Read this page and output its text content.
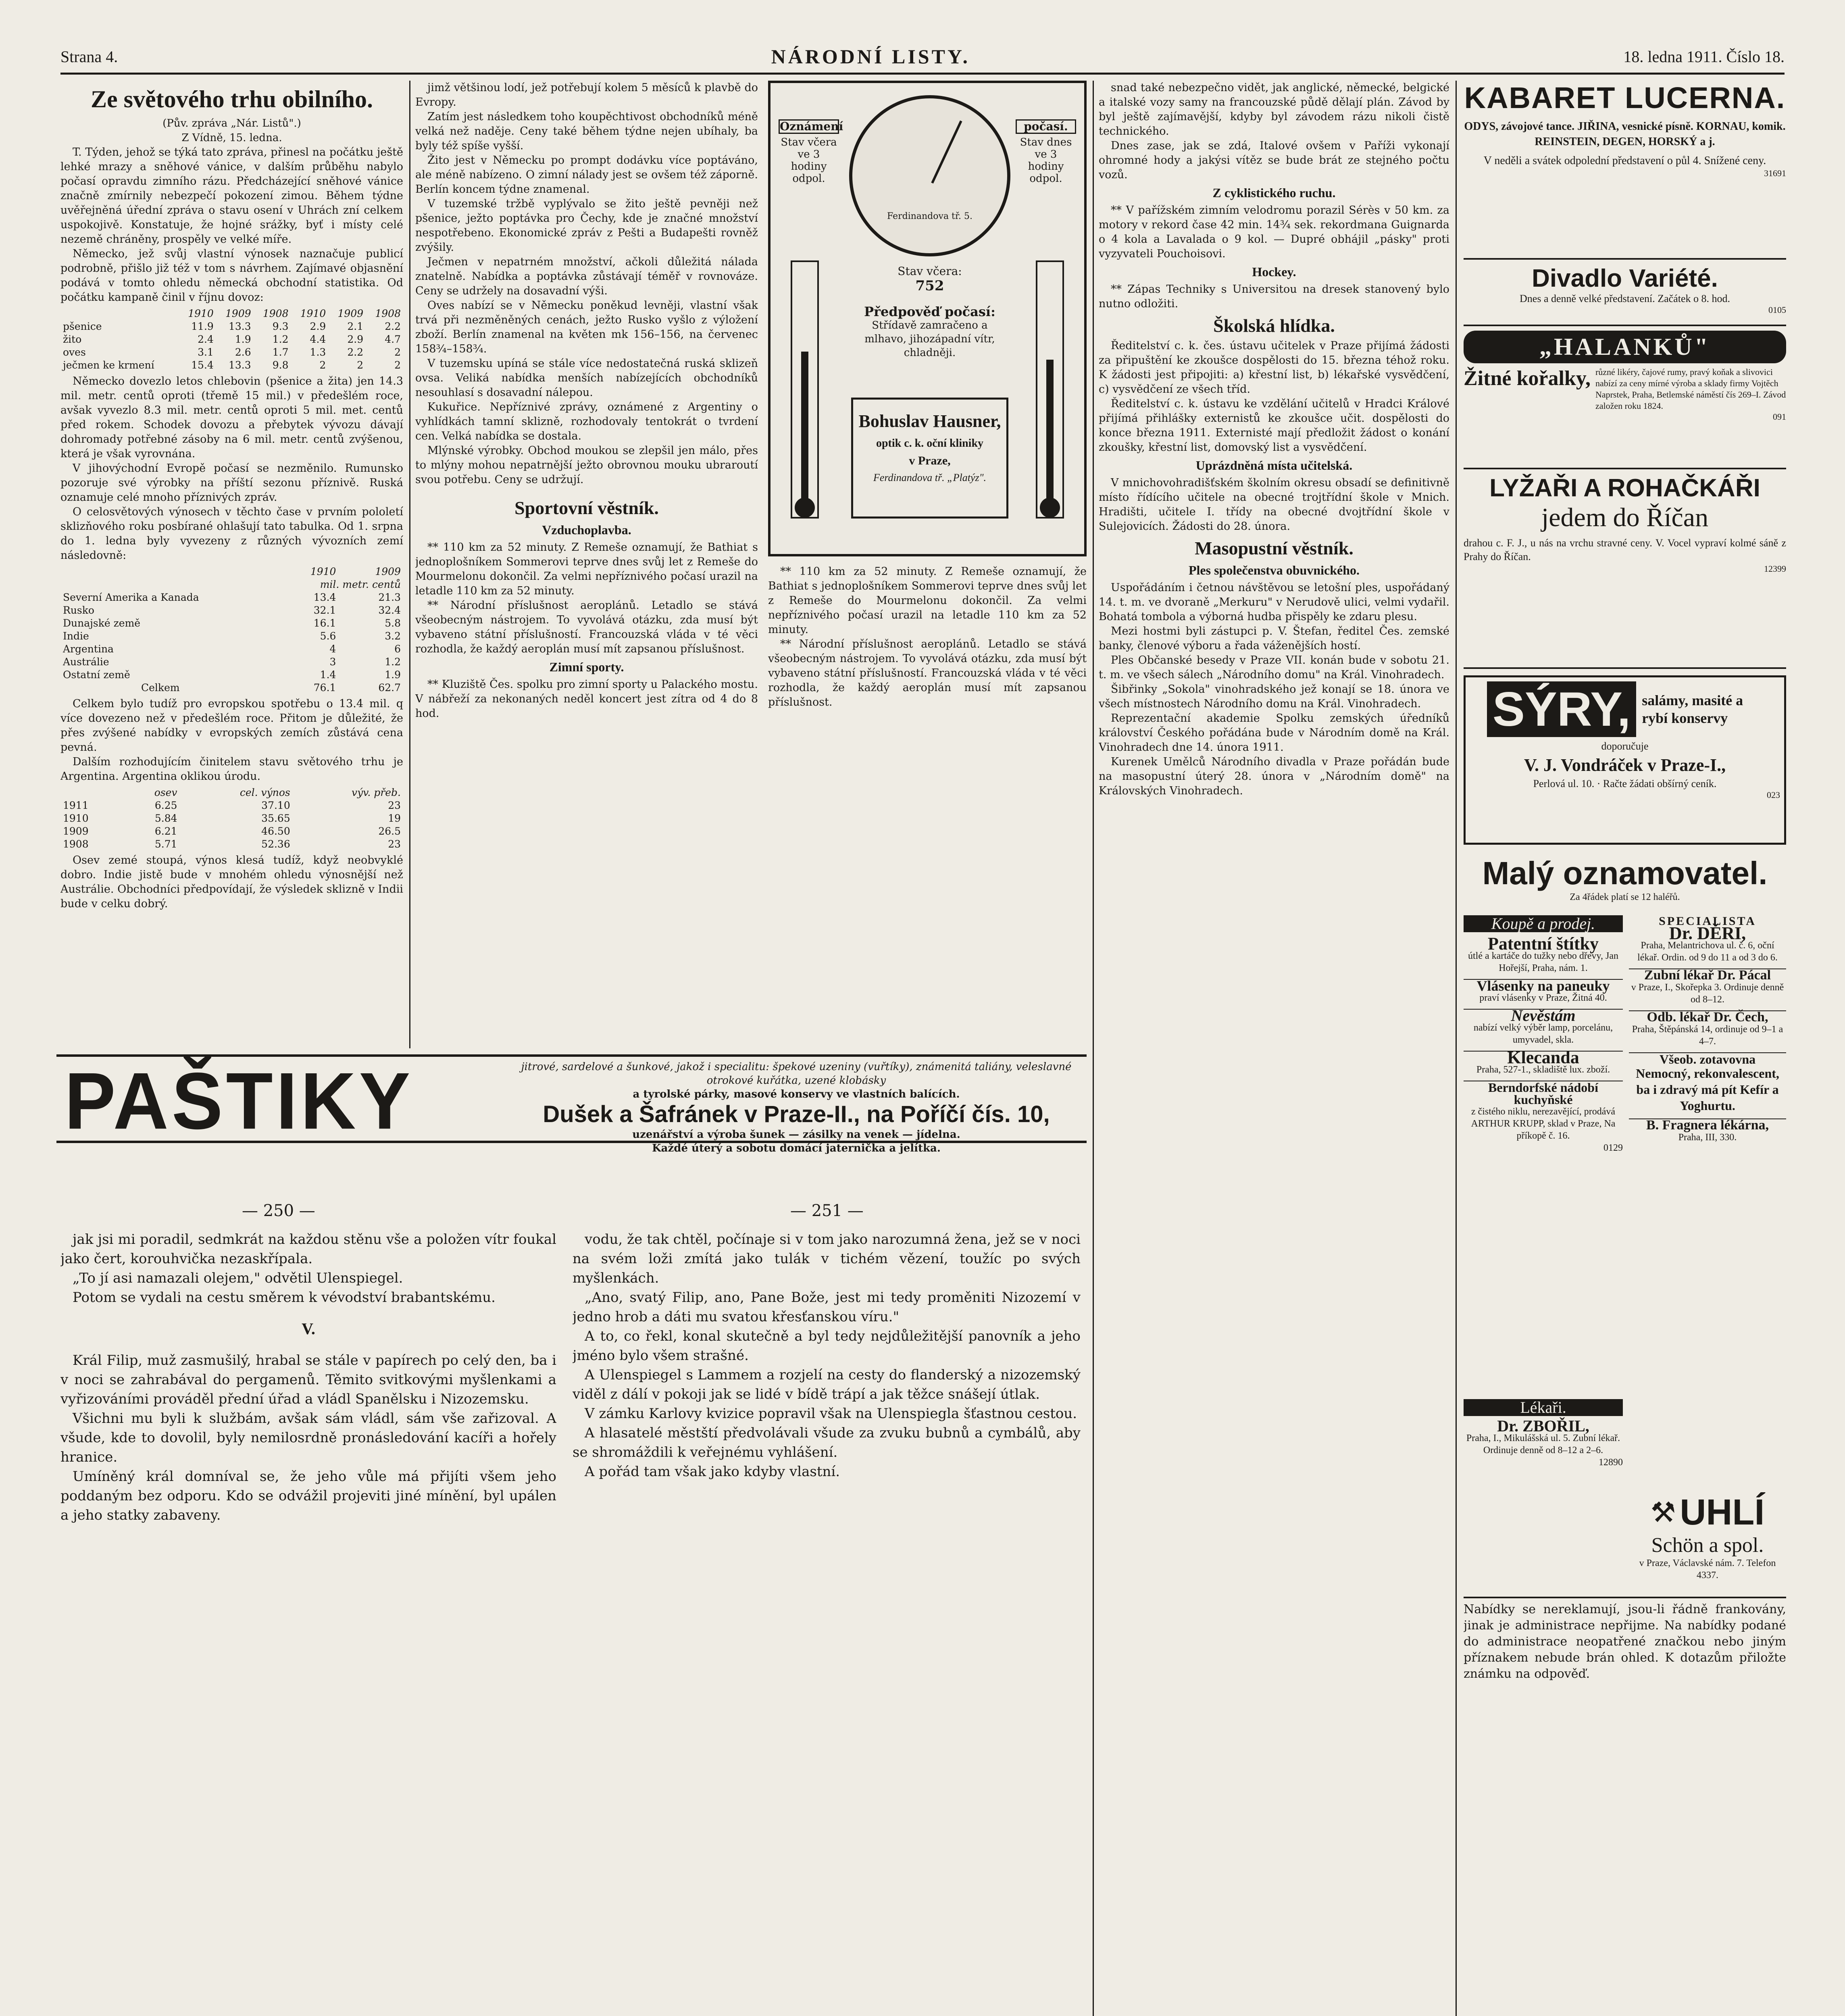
Strana 4.	NÁRODNÍ LISTY.	18. ledna 1911. Číslo 18.

Ze světového trhu obilního.

(Pův. zpráva „Nár. Listů".)

Z Vídně, 15. ledna.

T. Týden, jehož se týká tato zpráva, přinesl na počátku ještě lehké mrazy a sněhové vánice, v dalším průběhu nabylo počasí opravdu zimního rázu. Předcházející sněhové vánice značně zmírnily nebezpečí pokození zimou. Během týdne uvěřejněná úřední zpráva o stavu osení v Uhrách zní celkem uspokojivě. Konstatuje, že hojné srážky, byť i místy celé nezemě chráněny, prospěly ve velké míře.

Německo, jež svůj vlastní výnosek naznačuje publicí podrobně, přišlo již též v tom s návrhem. Zajímavé objasnění podává v tomto ohledu německá obchodní statistika. Od počátku kampaně činil v říjnu dovoz:

	1910	1909	1908	1910	1909	1908
pšenice	11.9	13.3	9.3	2.9	2.1	2.2
žito	2.4	1.9	1.2	4.4	2.9	4.7
oves	3.1	2.6	1.7	1.3	2.2	2
ječmen ke krmení	15.4	13.3	9.8	2	2	2

Německo dovezlo letos chlebovin (pšenice a žita) jen 14.3 mil. metr. centů oproti (třemě 15 mil.) v předešlém roce, avšak vyvezlo 8.3 mil. metr. centů oproti 5 mil. met. centů před rokem. Schodek dovozu a přebytek vývozu dávají dohromady potřebné zásoby na 6 mil. metr. centů zvýšenou, která je však vyrovnána.

V jihovýchodní Evropě počasí se nezměnilo. Rumunsko pozoruje své výrobky na příští sezonu příznivě. Ruská oznamuje celé mnoho příznivých zpráv.

O celosvětových výnosech v těchto čase v prvním pololetí sklizňového roku posbírané ohlašují tato tabulka. Od 1. srpna do 1. ledna byly vyvezeny z různých vývozních zemí následovně:

	1910	1909
	mil. metr. centů	
Severní Amerika a Kanada	13.4	21.3
Rusko	32.1	32.4
Dunajské země	16.1	5.8
Indie	5.6	3.2
Argentina	4	6
Austrálie	3	1.2
Ostatní země	1.4	1.9
Celkem	76.1	62.7

Celkem bylo tudíž pro evropskou spotřebu o 13.4 mil. q více dovezeno než v předešlém roce. Přitom je důležité, že přes zvýšené nabídky v evropských zemích zůstává cena pevná.

Dalším rozhodujícím činitelem stavu světového trhu je Argentina. Argentina oklikou úrodu.

	osev	cel. výnos	výv. přeb.
1911	6.25	37.10	23
1910	5.84	35.65	19
1909	6.21	46.50	26.5
1908	5.71	52.36	23

Osev zemé stoupá, výnos klesá tudíž, když neobvyklé dobro. Indie jistě bude v mnohém ohledu výnosnější než Austrálie. Obchodníci předpovídají, že výsledek sklizně v Indii bude v celku dobrý.

jimž většinou lodí, jež potřebují kolem 5 měsíců k plavbě do Evropy.

Zatím jest následkem toho koupěchtivost obchodníků méně velká než naděje. Ceny také během týdne nejen ubíhaly, ba byly též spíše vyšší.

Žito jest v Německu po prompt dodávku více poptáváno, ale méně nabízeno. O zimní nálady jest se ovšem též záporně. Berlín koncem týdne znamenal.

V tuzemské tržbě vyplývalo se žito ještě pevněji než pšenice, ježto poptávka pro Čechy, kde je značné množství nespotřebeno. Ekonomické zpráv z Pešti a Budapešti rovněž zvýšily.

Ječmen v nepatrném množství, ačkoli důležitá nálada znatelně. Nabídka a poptávka zůstávají téměř v rovnováze. Ceny se udržely na dosavadní výši.

Oves nabízí se v Německu poněkud levněji, vlastní však trvá při nezměněných cenách, ježto Rusko vyšlo z výložení zboží. Berlín znamenal na květen mk 156–156, na červenec 158¾–158¾.

V tuzemsku upíná se stále více nedostatečná ruská sklizeň ovsa. Veliká nabídka menších nabízejících obchodníků nesouhlasí s dosavadní nálepou.

Kukuřice. Nepříznivé zprávy, oznámené z Argentiny o vyhlídkách tamní sklizně, rozhodovaly tentokrát o tvrdení cen. Velká nabídka se dostala.

Mlýnské výrobky. Obchod moukou se zlepšil jen málo, přes to mlýny mohou nepatrnější ježto obrovnou mouku ubraroutí svou potřebu. Ceny se udržují.

Sportovní věstník.

Vzduchoplavba.

** 110 km za 52 minuty. Z Remeše oznamují, že Bathiat s jednoplošníkem Sommerovi teprve dnes svůj let z Remeše do Mourmelonu dokončil. Za velmi nepříznivého počasí urazil na letadle 110 km za 52 minuty.

** Národní příslušnost aeroplánů. Letadlo se stává všeobecným nástrojem. To vyvolává otázku, zda musí být vybaveno státní příslušností. Francouzská vláda v té věci rozhodla, že každý aeroplán musí mít zapsanou příslušnost.

Zimní sporty.

** Kluziště Čes. spolku pro zimní sporty u Palackého mostu. V nábřeží za nekonaných neděl koncert jest zítra od 4 do 8 hod.

Oznámení
Stav včera ve 3 hodiny odpol.
počasí.
Stav dnes ve 3 hodiny odpol.
Ferdinandova tř. 5.
Stav včera:
752
Předpověď počasí:
Střídavě zamračeno a mlhavo, jihozápadní vítr, chladněji.
Bohuslav Hausner,
optik c. k. oční kliniky
v Praze,
Ferdinandova tř. „Platýz".

** 110 km za 52 minuty. Z Remeše oznamují, že Bathiat s jednoplošníkem Sommerovi teprve dnes svůj let z Remeše do Mourmelonu dokončil. Za velmi nepříznivého počasí urazil na letadle 110 km za 52 minuty.

** Národní příslušnost aeroplánů. Letadlo se stává všeobecným nástrojem. To vyvolává otázku, zda musí být vybaveno státní příslušností. Francouzská vláda v té věci rozhodla, že každý aeroplán musí mít zapsanou příslušnost.

snad také nebezpečno vidět, jak anglické, německé, belgické a italské vozy samy na francouzské půdě dělají plán. Závod by byl ještě zajímavější, kdyby byl závodem rázu nikoli čistě technického.

Dnes zase, jak se zdá, Italové ovšem v Paříži vykonají ohromné hody a jakýsi vítěz se bude brát ze stejného počtu vozů.

Z cyklistického ruchu.

** V pařížském zimním velodromu porazil Sérès v 50 km. za motory v rekord čase 42 min. 14¾ sek. rekordmana Guignarda o 4 kola a Lavalada o 9 kol. — Dupré obhájil „pásky" proti vyzyvateli Pouchoisovi.

Hockey.

** Zápas Techniky s Universitou na dresek stanovený bylo nutno odložiti.

Školská hlídka.

Ředitelství c. k. čes. ústavu učitelek v Praze přijímá žádosti za připuštění ke zkoušce dospělosti do 15. března téhož roku. K žádosti jest připojiti: a) křestní list, b) lékařské vysvědčení, c) vysvědčení ze všech tříd.

Ředitelství c. k. ústavu ke vzdělání učitelů v Hradci Králové přijímá přihlášky externistů ke zkoušce učit. dospělosti do konce března 1911. Externisté mají předložit žádost o konání zkoušky, křestní list, domovský list a vysvědčení.

Uprázdněná místa učitelská.

V mnichovohradišťském školním okresu obsadí se definitivně místo řídícího učitele na obecné trojtřídní škole v Mnich. Hradišti, učitele I. třídy na obecné dvojtřídní škole v Sulejovicích. Žádosti do 28. února.

Masopustní věstník.

Ples společenstva obuvnického.

Uspořádáním i četnou návštěvou se letošní ples, uspořádaný 14. t. m. ve dvoraně „Merkuru" v Nerudově ulici, velmi vydařil. Bohatá tombola a výborná hudba přispěly ke zdaru plesu.

Mezi hostmi byli zástupci p. V. Štefan, ředitel Čes. zemské banky, členové výboru a řada váženějších hostí.

Ples Občanské besedy v Praze VII. konán bude v sobotu 21. t. m. ve všech sálech „Národního domu" na Král. Vinohradech.

Šibřinky „Sokola" vinohradského jež konají se 18. února ve všech místnostech Národního domu na Král. Vinohradech.

Reprezentační akademie Spolku zemských úředníků království Českého pořádána bude v Národním domě na Král. Vinohradech dne 14. února 1911.

Kurenek Umělců Národního divadla v Praze pořádán bude na masopustní úterý 28. února v „Národním domě" na Královských Vinohradech.

KABARET LUCERNA.
ODYS, závojové tance. JIŘINA, vesnické písně. KORNAU, komik. REINSTEIN, DEGEN, HORSKÝ a j.
V neděli a svátek odpolední představení o půl 4. Snížené ceny.
31691
Divadlo Variété.
Dnes a denně velké představení. Začátek o 8. hod.
0105
„HALANKŮ"
Žitné kořalky, různé likéry, čajové rumy, pravý koňak a slivovici nabízí za ceny mírné výroba a sklady firmy Vojtěch Naprstek, Praha, Betlemské náměstí čís 269–I. Závod založen roku 1824.
091
LYŽAŘI A ROHAČKÁŘI
jedem do Říčan
drahou c. F. J., u nás na vrchu stravné ceny. V. Vocel vypraví kolmé sáně z Prahy do Říčan.
12399
SÝRY, salámy, masité a rybí konservy
doporučuje
V. J. Vondráček v Praze-I.,
Perlová ul. 10. · Račte žádati obšírný ceník.
023
Malý oznamovatel.
Za 4řádek platí se 12 haléřů.
Koupě a prodej.
Patentní štítky
útlé a kartáče do tužky nebo dřevy, Jan Hořejší, Praha, nám. 1.
Vlásenky na paneuky
praví vlásenky v Praze, Žitná 40.
Nevěstám
nabízí velký výběr lamp, porcelánu, umyvadel, skla.
Klecanda
Praha, 527-1., skladiště lux. zboží.
Berndorfské nádobí kuchyňské
z čistého niklu, nerezavějící, prodává ARTHUR KRUPP, sklad v Praze, Na příkopě č. 16.
0129
Lékaři.
Dr. ZBOŘIL,
Praha, I., Mikulášská ul. 5. Zubní lékař. Ordinuje denně od 8–12 a 2–6.
12890
SPECIALISTA
Dr. DĚRI,
Praha, Melantrichova ul. č. 6, oční lékař. Ordin. od 9 do 11 a od 3 do 6.
Zubní lékař Dr. Pácal
v Praze, I., Skořepka 3. Ordinuje denně od 8–12.
Odb. lékař Dr. Čech,
Praha, Štěpánská 14, ordinuje od 9–1 a 4–7.
Všeob. zotavovna
Nemocný, rekonvalescent, ba i zdravý má pít Kefír a Yoghurtu.
B. Fragnera lékárna,
Praha, III, 330.
⚒ UHLÍ
Schön a spol.
v Praze, Václavské nám. 7. Telefon 4337.

Nabídky se nereklamují, jsou-li řádně frankovány, jinak je administrace nepřijme. Na nabídky podané do administrace neopatřené značkou nebo jiným příznakem nebude brán ohled. K dotazům přiložte známku na odpověď.

PAŠTIKY	jitrové, sardelové a šunkové, jakož i specialitu: špekové uzeniny (vuřtíky), známenitá taliány, veleslavné otrokové kuřátka, uzené klobásky
a tyrolské párky, masové konservy ve vlastních balících.
Dušek a Šafránek v Praze-II., na Poříčí čís. 10,
uzenářství a výroba šunek — zásilky na venek — jídelna.
Každé úterý a sobotu domácí jaternička a jelítka.
— 250 —	— 251 —

jak jsi mi poradil, sedmkrát na každou stěnu vše a položen vítr foukal jako čert, korouhvička nezaskřípala.

„To jí asi namazali olejem," odvětil Ulenspiegel.

Potom se vydali na cestu směrem k vévodství brabantskému.

V.

Král Filip, muž zasmušilý, hrabal se stále v papírech po celý den, ba i v noci se zahrabával do pergamenů. Těmito svitkovými myšlenkami a vyřizováními prováděl přední úřad a vládl Spanělsku i Nizozemsku.

Všichni mu byli k službám, avšak sám vládl, sám vše zařizoval. A všude, kde to dovolil, byly nemilosrdně pronásledování kacíři a hořely hranice.

Umíněný král domníval se, že jeho vůle má přijíti všem jeho poddaným bez odporu. Kdo se odvážil projeviti jiné mínění, byl upálen a jeho statky zabaveny.

vodu, že tak chtěl, počínaje si v tom jako narozumná žena, jež se v noci na svém loži zmítá jako tulák v tichém vězení, toužíc po svých myšlenkách.

„Ano, svatý Filip, ano, Pane Bože, jest mi tedy proměniti Nizozemí v jedno hrob a dáti mu svatou křesťanskou víru."

A to, co řekl, konal skutečně a byl tedy nejdůležitější panovník a jeho jméno bylo všem strašné.

A Ulenspiegel s Lammem a rozjelí na cesty do flanderský a nizozemský viděl z dálí v pokoji jak se lidé v bídě trápí a jak těžce snášejí útlak.

V zámku Karlovy kvizice popravil však na Ulenspiegla šťastnou cestou.

A hlasatelé městští předvolávali všude za zvuku bubnů a cymbálů, aby se shromáždili k veřejnému vyhlášení.

A pořád tam však jako kdyby vlastní.
